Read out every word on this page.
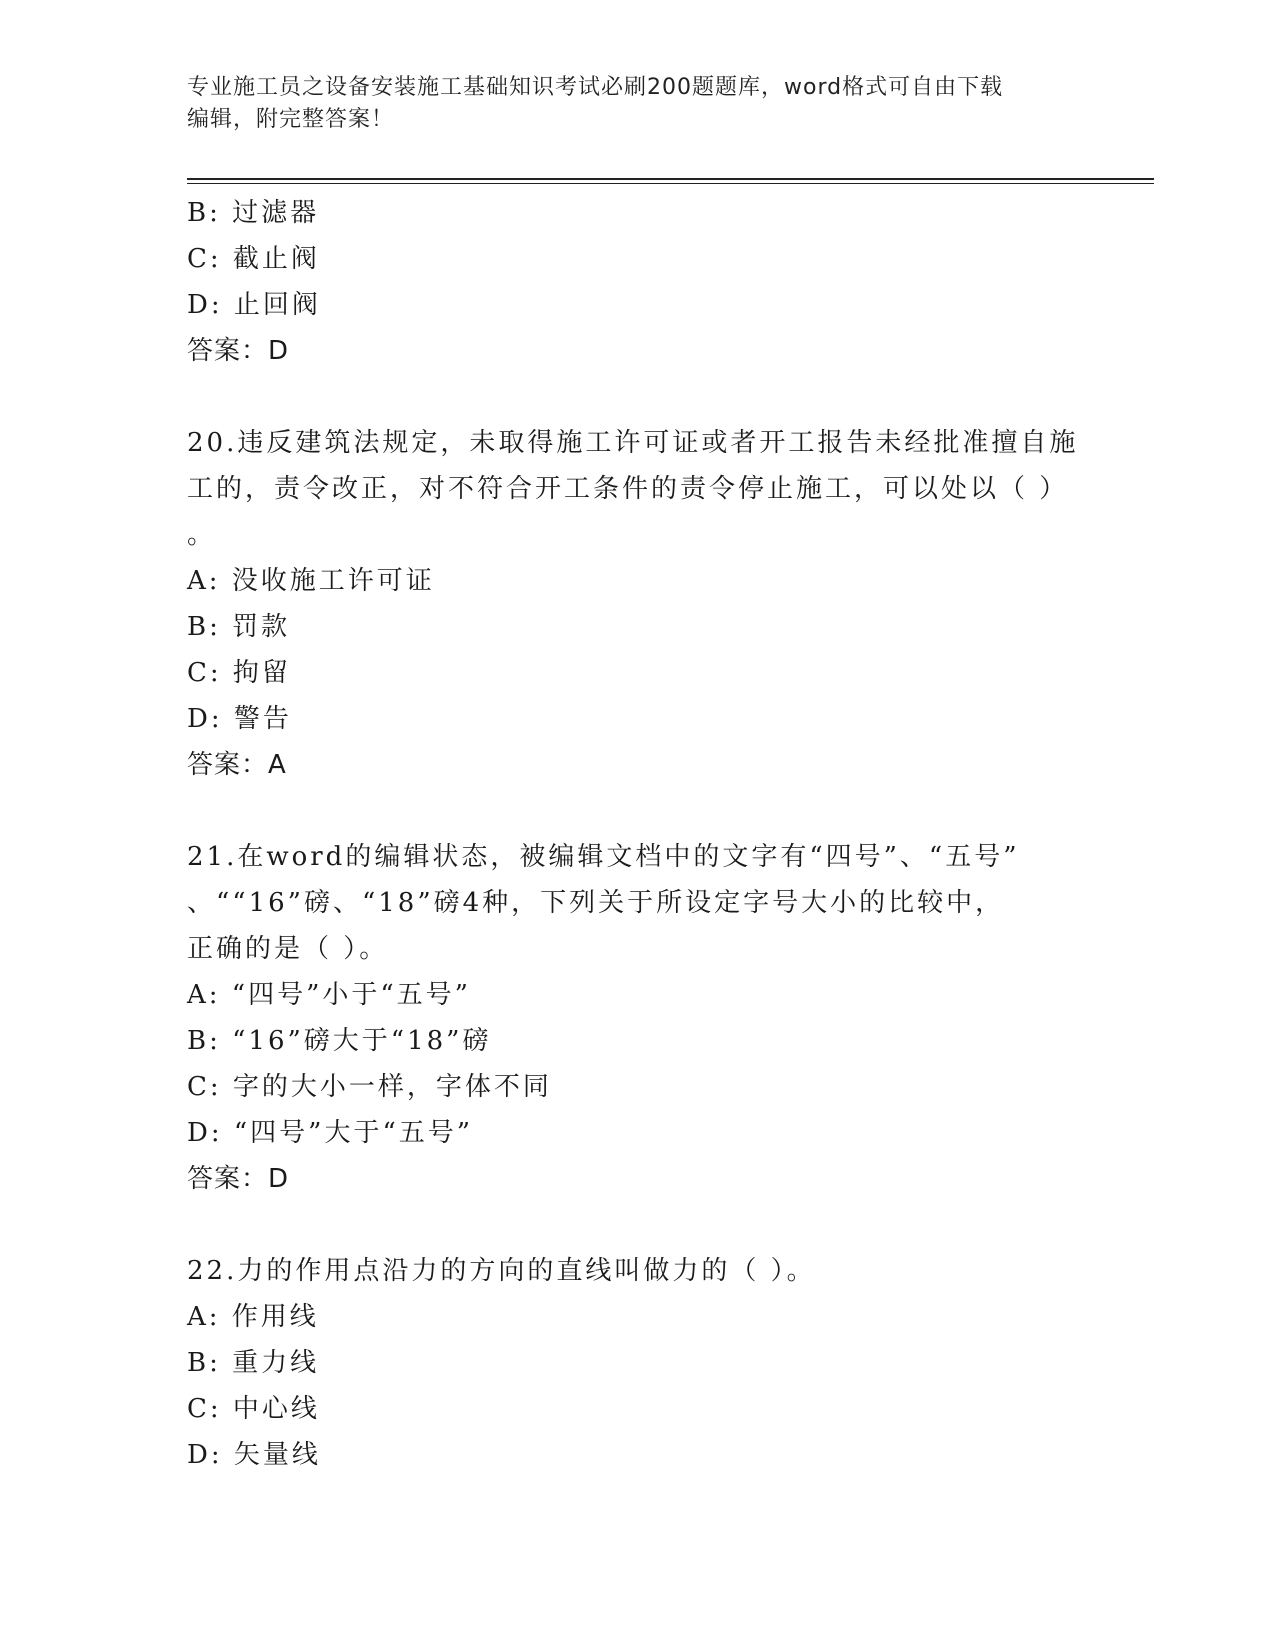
专业施工员之设备安装施工基础知识考试必刷200题题库，word格式可自由下载
编辑，附完整答案！
B: 过滤器
C: 截止阀
D: 止回阀
答案：D
20.违反建筑法规定，未取得施工许可证或者开工报告未经批准擅自施
工的，责令改正，对不符合开工条件的责令停止施工，可以处以（ ）
。
A: 没收施工许可证
B: 罚款
C: 拘留
D: 警告
答案：A
21.在word的编辑状态，被编辑文档中的文字有“四号”、“五号”
、““16”磅、“18”磅4种，下列关于所设定字号大小的比较中，
正确的是（ ）。
A: “四号”小于“五号”
B: “16”磅大于“18”磅
C: 字的大小一样，字体不同
D: “四号”大于“五号”
答案：D
22.力的作用点沿力的方向的直线叫做力的（ ）。
A: 作用线
B: 重力线
C: 中心线
D: 矢量线
